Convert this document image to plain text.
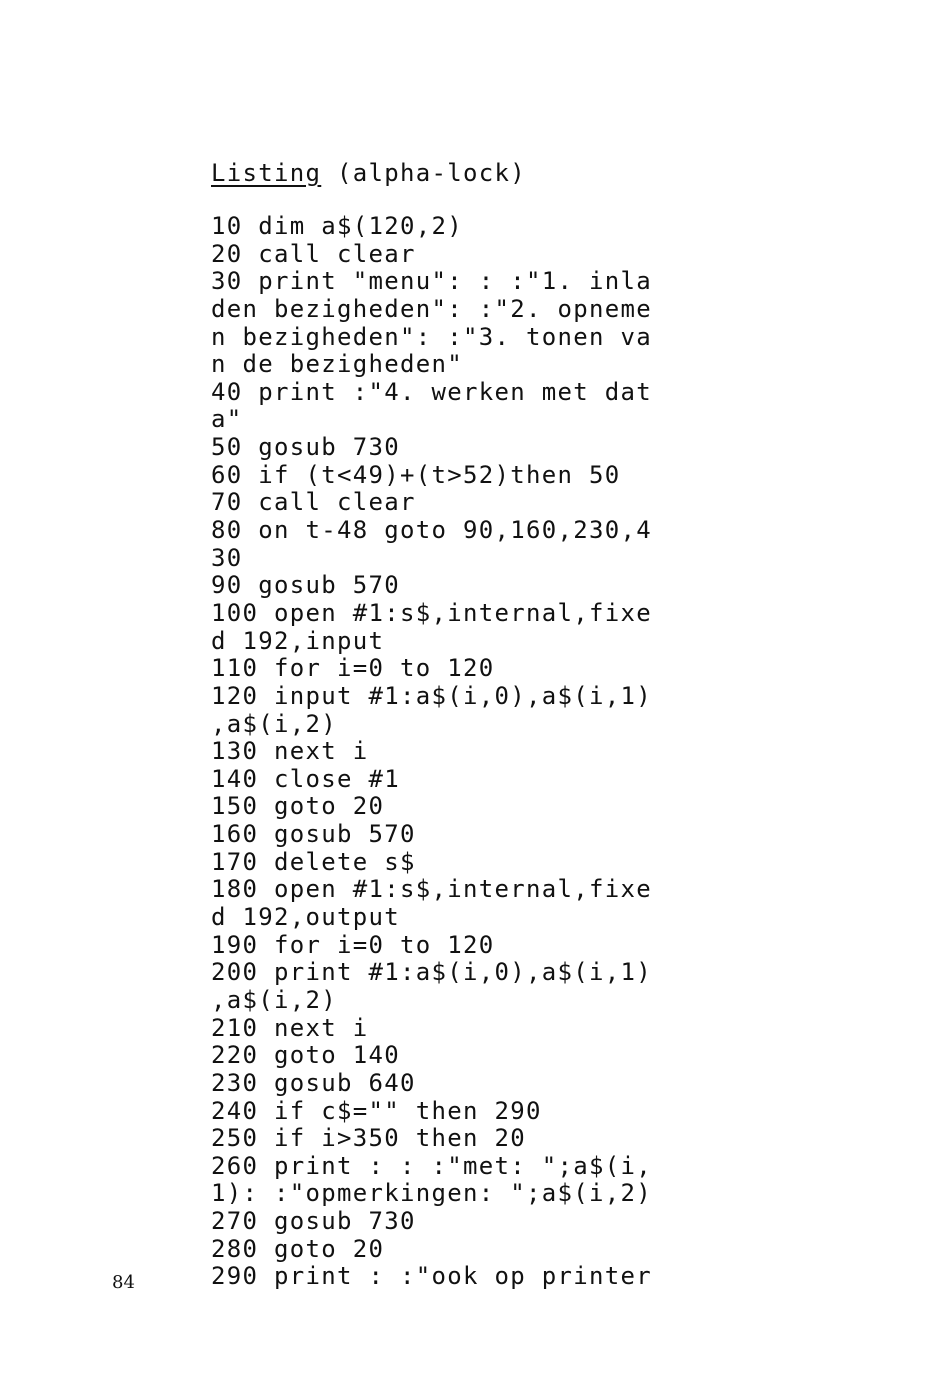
Listing (alpha-lock)
10 dim a$(120,2)
20 call clear
30 print "menu": : :"1. inla
den bezigheden": :"2. opneme
n bezigheden": :"3. tonen va
n de bezigheden"
40 print :"4. werken met dat
a"
50 gosub 730
60 if (t<49)+(t>52)then 50
70 call clear
80 on t-48 goto 90,160,230,4
30
90 gosub 570
100 open #1:s$,internal,fixe
d 192,input
110 for i=0 to 120
120 input #1:a$(i,0),a$(i,1)
,a$(i,2)
130 next i
140 close #1
150 goto 20
160 gosub 570
170 delete s$
180 open #1:s$,internal,fixe
d 192,output
190 for i=0 to 120
200 print #1:a$(i,0),a$(i,1)
,a$(i,2)
210 next i
220 goto 140
230 gosub 640
240 if c$="" then 290
250 if i>350 then 20
260 print : : :"met: ";a$(i,
1): :"opmerkingen: ";a$(i,2)
270 gosub 730
280 goto 20
290 print : :"ook op printer
84
